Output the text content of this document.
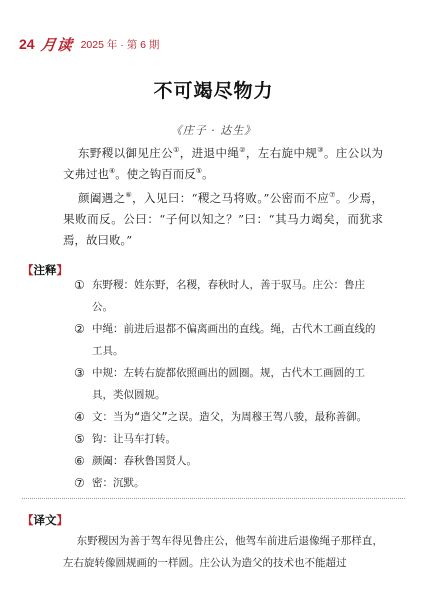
24 月读 2025 年 · 第 6 期
不可竭尽物力
《庄子 · 达生》
东野稷以御见庄公①，进退中绳②，左右旋中规③。庄公以为文弗过也④。使之钩百而反⑤。
颜阖遇之⑥，入见曰：“稷之马将败。”公密而不应⑦。少焉，果败而反。公曰：“子何以知之？”曰：“其马力竭矣，而犹求焉，故曰败。”
【注释】
① 东野稷：姓东野，名稷，春秋时人，善于驭马。庄公：鲁庄公。
② 中绳：前进后退都不偏离画出的直线。绳，古代木工画直线的工具。
③ 中规：左转右旋都依照画出的圆圈。规，古代木工画圆的工具，类似圆规。
④ 文：当为“造父”之误。造父，为周穆王驾八骏，最称善御。
⑤ 钩：让马车打转。
⑥ 颜阖：春秋鲁国贤人。
⑦ 密：沉默。
【译文】
东野稷因为善于驾车得见鲁庄公，他驾车前进后退像绳子那样直，左右旋转像圆规画的一样圆。庄公认为造父的技术也不能超过
